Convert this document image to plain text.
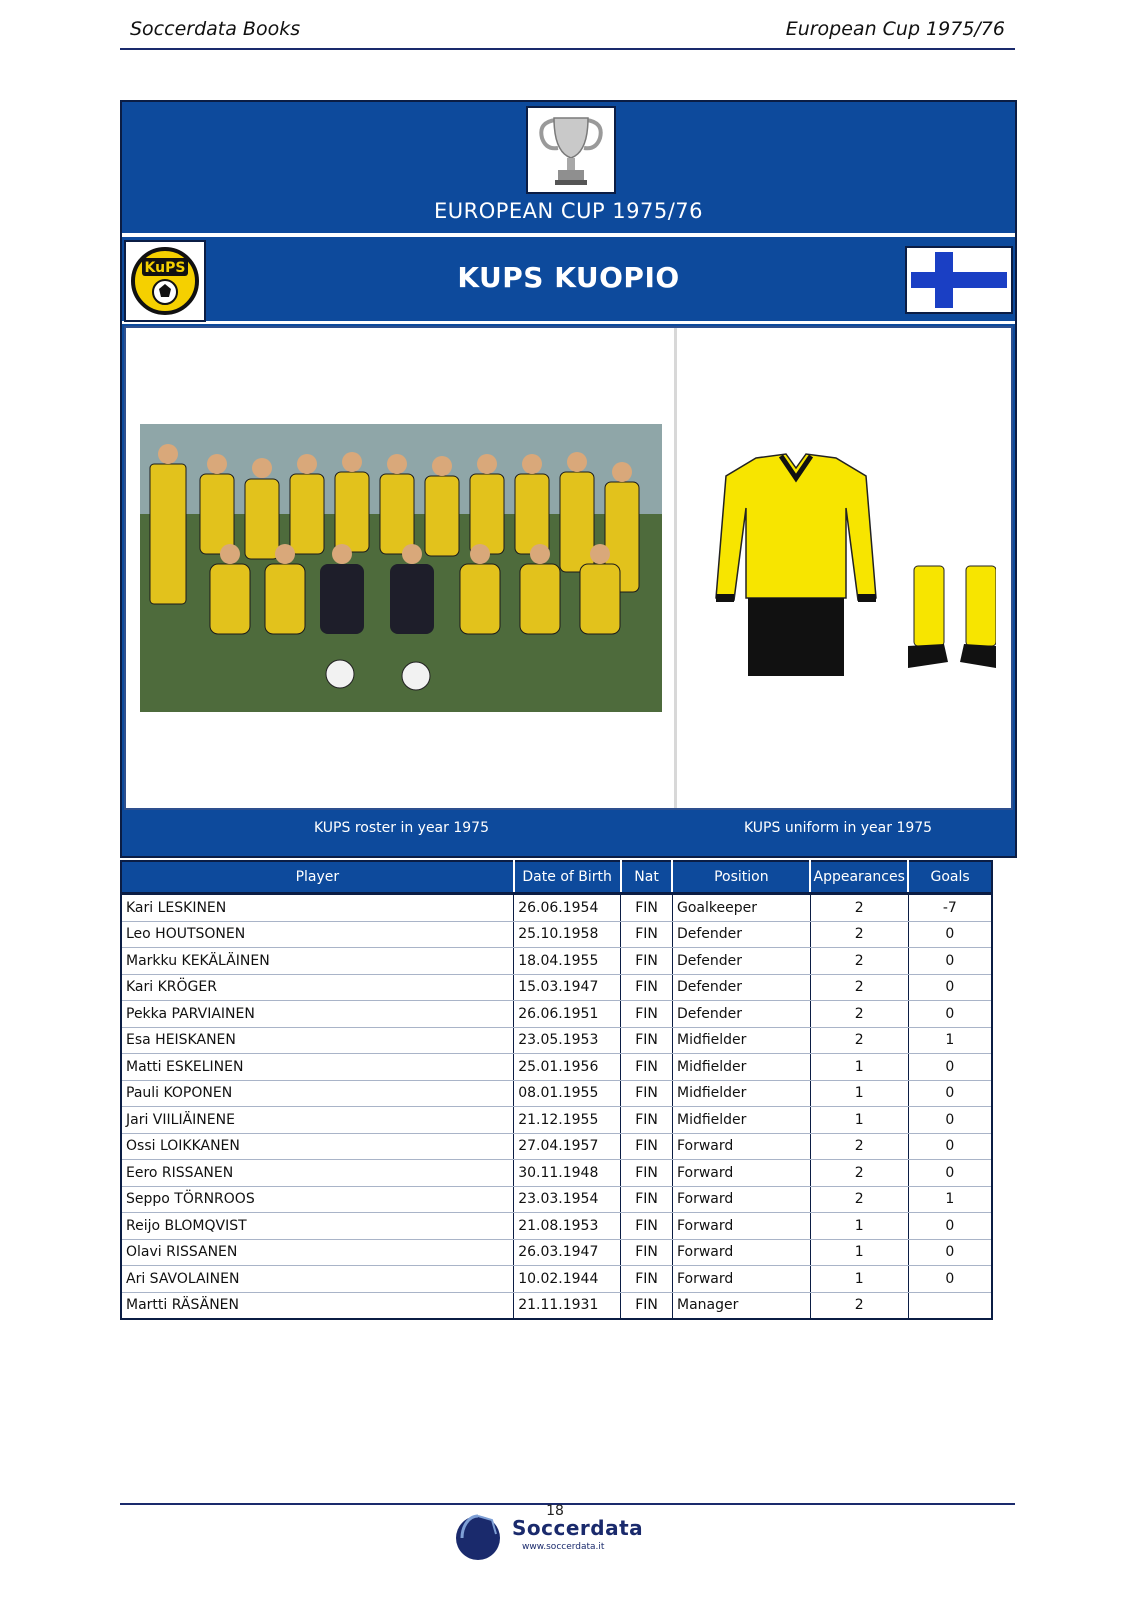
Soccerdata Books	European Cup 1975/76
EUROPEAN CUP 1975/76
KuPS	KUPS KUOPIO
KUPS roster in year 1975	KUPS uniform in year 1975
Player	Date of Birth	Nat	Position	Appearances	Goals
Kari LESKINEN	26.06.1954	FIN	Goalkeeper	2	-7
Leo HOUTSONEN	25.10.1958	FIN	Defender	2	0
Markku KEKÄLÄINEN	18.04.1955	FIN	Defender	2	0
Kari KRÖGER	15.03.1947	FIN	Defender	2	0
Pekka PARVIAINEN	26.06.1951	FIN	Defender	2	0
Esa HEISKANEN	23.05.1953	FIN	Midfielder	2	1
Matti ESKELINEN	25.01.1956	FIN	Midfielder	1	0
Pauli KOPONEN	08.01.1955	FIN	Midfielder	1	0
Jari VIILIÄINENE	21.12.1955	FIN	Midfielder	1	0
Ossi LOIKKANEN	27.04.1957	FIN	Forward	2	0
Eero RISSANEN	30.11.1948	FIN	Forward	2	0
Seppo TÖRNROOS	23.03.1954	FIN	Forward	2	1
Reijo BLOMQVIST	21.08.1953	FIN	Forward	1	0
Olavi RISSANEN	26.03.1947	FIN	Forward	1	0
Ari SAVOLAINEN	10.02.1944	FIN	Forward	1	0
Martti RÄSÄNEN	21.11.1931	FIN	Manager	2	
18
Soccerdata
www.soccerdata.it
